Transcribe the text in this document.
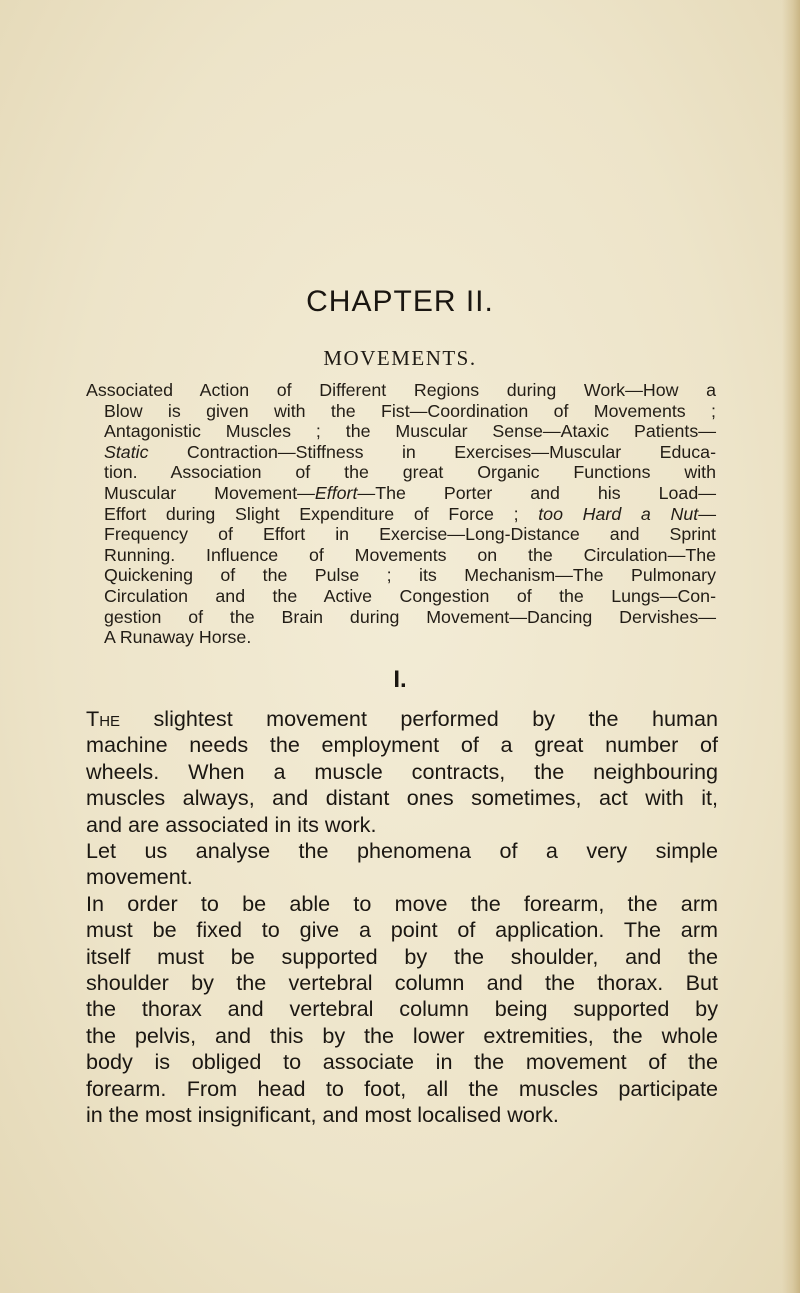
CHAPTER II.
MOVEMENTS.
Associated Action of Different Regions during Work—How a
Blow is given with the Fist—Coordination of Movements ;
Antagonistic Muscles ; the Muscular Sense—Ataxic Patients—
Static Contraction—Stiffness in Exercises—Muscular Educa-
tion. Association of the great Organic Functions with
Muscular Movement—Effort—The Porter and his Load—
Effort during Slight Expenditure of Force ; too Hard a Nut—
Frequency of Effort in Exercise—Long-Distance and Sprint
Running. Influence of Movements on the Circulation—The
Quickening of the Pulse ; its Mechanism—The Pulmonary
Circulation and the Active Congestion of the Lungs—Con-
gestion of the Brain during Movement—Dancing Dervishes—
A Runaway Horse.
I.
The slightest movement performed by the human
machine needs the employment of a great number of
wheels. When a muscle contracts, the neighbouring
muscles always, and distant ones sometimes, act with it,
and are associated in its work.
Let us analyse the phenomena of a very simple
movement.
In order to be able to move the forearm, the arm
must be fixed to give a point of application. The arm
itself must be supported by the shoulder, and the
shoulder by the vertebral column and the thorax. But
the thorax and vertebral column being supported by
the pelvis, and this by the lower extremities, the whole
body is obliged to associate in the movement of the
forearm. From head to foot, all the muscles participate
in the most insignificant, and most localised work.
